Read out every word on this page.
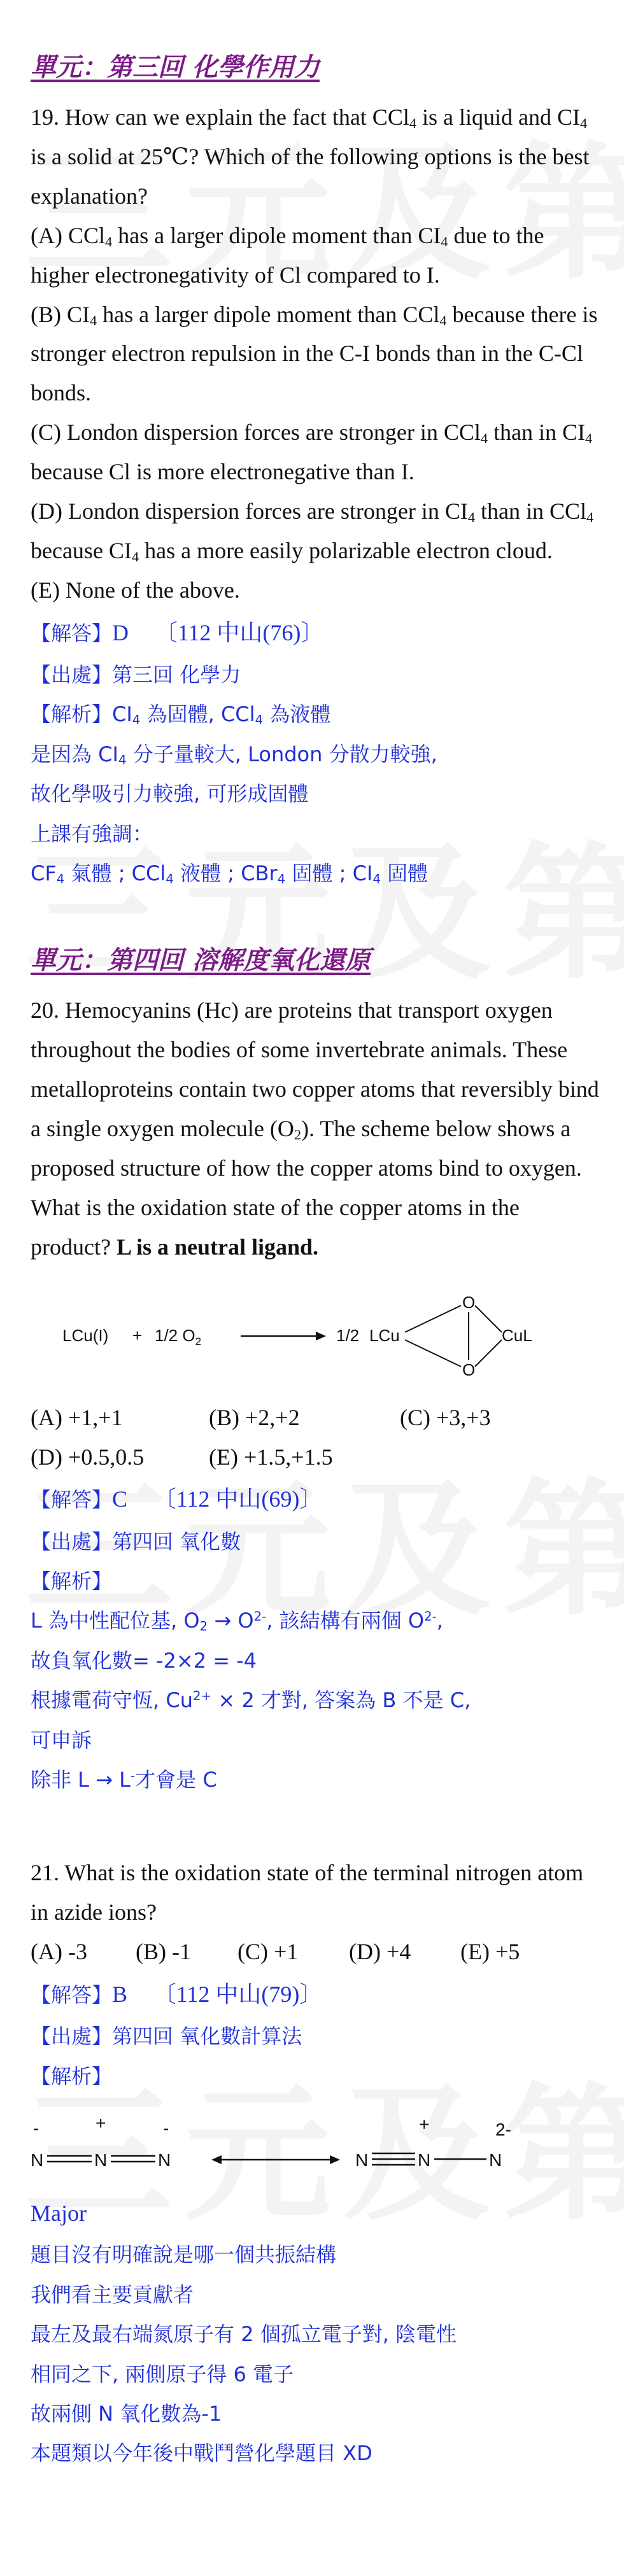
單元：第三回 化學作用力

19. How can we explain the fact that CCl$_4$ is a liquid and $CI_4$ is a solid at 25℃? Which of the following options is the best explanation?

(A) CCl$_4$ has a larger dipole moment than $CI_4$ due to the higher electronegativity of Cl compared to I.

(B) $CI_4$ has a larger dipole moment than CCl$_4$ because there is stronger electron repulsion in the C-I bonds than in the C-Cl bonds.

(C) London dispersion forces are stronger in CCl$_4$ than in $CI_4$ because Cl is more electronegative than I.

(D) London dispersion forces are stronger in $CI_4$ than in CCl$_4$ because $CI_4$ has a more easily polarizable electron cloud.

(E) None of the above.

【解答】D 〔112 中山(76)〕

【出處】第三回 化學力

【解析】$CI_4$ 為固體, CCl$_4$ 為液體

是因為 $CI_4$ 分子量較大, London 分散力較強,

故化學吸引力較強, 可形成固體

上課有強調：

$CF_4$ 氣體 ; CCl$_4$ 液體 ; CBr$_4$ 固體 ; $CI_4$ 固體

單元：第四回 溶解度氧化還原

20. Hemocyanins (Hc) are proteins that transport oxygen throughout the bodies of some invertebrate animals. These metalloproteins contain two copper atoms that reversibly bind a single oxygen molecule $(O_2)$. The scheme below shows a proposed structure of how the copper atoms bind to oxygen. What is the oxidation state of the copper atoms in the product? L is a neutral ligand.

LCu(I) + 1/2 $O_2$	1/2 LCu
O
O
CuL

(A) +1,+1	(B) +2,+2	(C) +3,+3

(D) +0.5,0.5	(E) +1.5,+1.5

【解答】C 〔112 中山(69)〕

【出處】第四回 氧化數

【解析】

L 為中性配位基, $O_2 \to O^{2-}$, 該結構有兩個 $O^{2-}$,

故負氧化數= -2×2 = -4

根據電荷守恆, $Cu^{2+} \times 2$ 才對, 答案為 B 不是 C,

可申訴

除非 L → L-才會是 C

21. What is the oxidation state of the terminal nitrogen atom in azide ions?

(A) -3 (B) -1 (C) +1 (D) +4 (E) +5

【解答】B 〔112 中山(79)〕

【出處】第四回 氧化數計算法

【解析】

-	+	-
N	N	N
+	2-
N	N	N

Major

題目沒有明確說是哪一個共振結構

我們看主要貢獻者

最左及最右端氮原子有 2 個孤立電子對, 陰電性

相同之下, 兩側原子得 6 電子

故兩側 N 氧化數為-1

本題類以今年後中戰鬥營化學題目 XD
